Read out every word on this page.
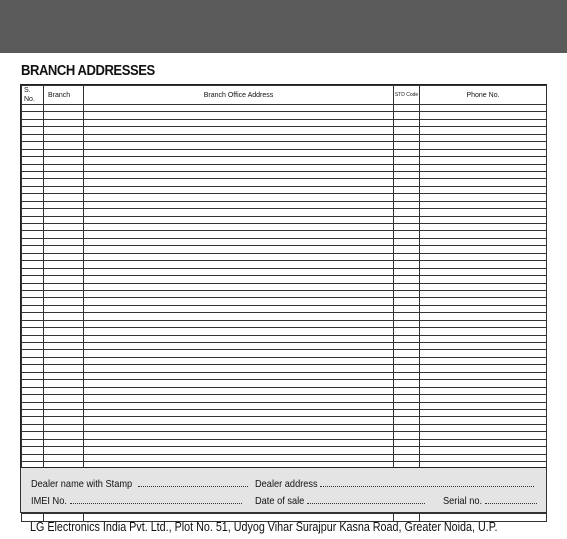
BRANCH ADDRESSES
S. No.	Branch	Branch Office Address	STD Code	Phone No.

Dealer name with Stamp	Dealer address
IMEI No.	Date of sale	Serial no.
LG Electronics India Pvt. Ltd., Plot No. 51, Udyog Vihar Surajpur Kasna Road, Greater Noida, U.P.
